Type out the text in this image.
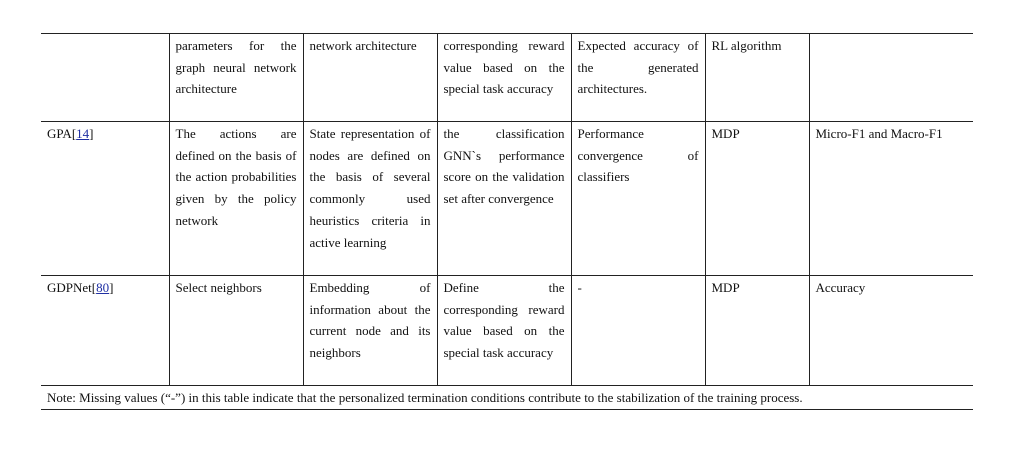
	parameters for the graph neural network architecture	network architecture	corresponding reward value based on the special task accuracy	Expected accuracy of the generated architectures.	RL algorithm	
GPA[14]	The actions are defined on the basis of the action probabilities given by the policy network	State representation of nodes are defined on the basis of several commonly used heuristics criteria in active learning	the classification GNN`s performance score on the validation set after convergence	Performance convergence of classifiers	MDP	Micro-F1 and Macro-F1
GDPNet[80]	Select neighbors	Embedding of information about the current node and its neighbors	Define the corresponding reward value based on the special task accuracy	-	MDP	Accuracy
Note: Missing values (“-”) in this table indicate that the personalized termination conditions contribute to the stabilization of the training process.						
